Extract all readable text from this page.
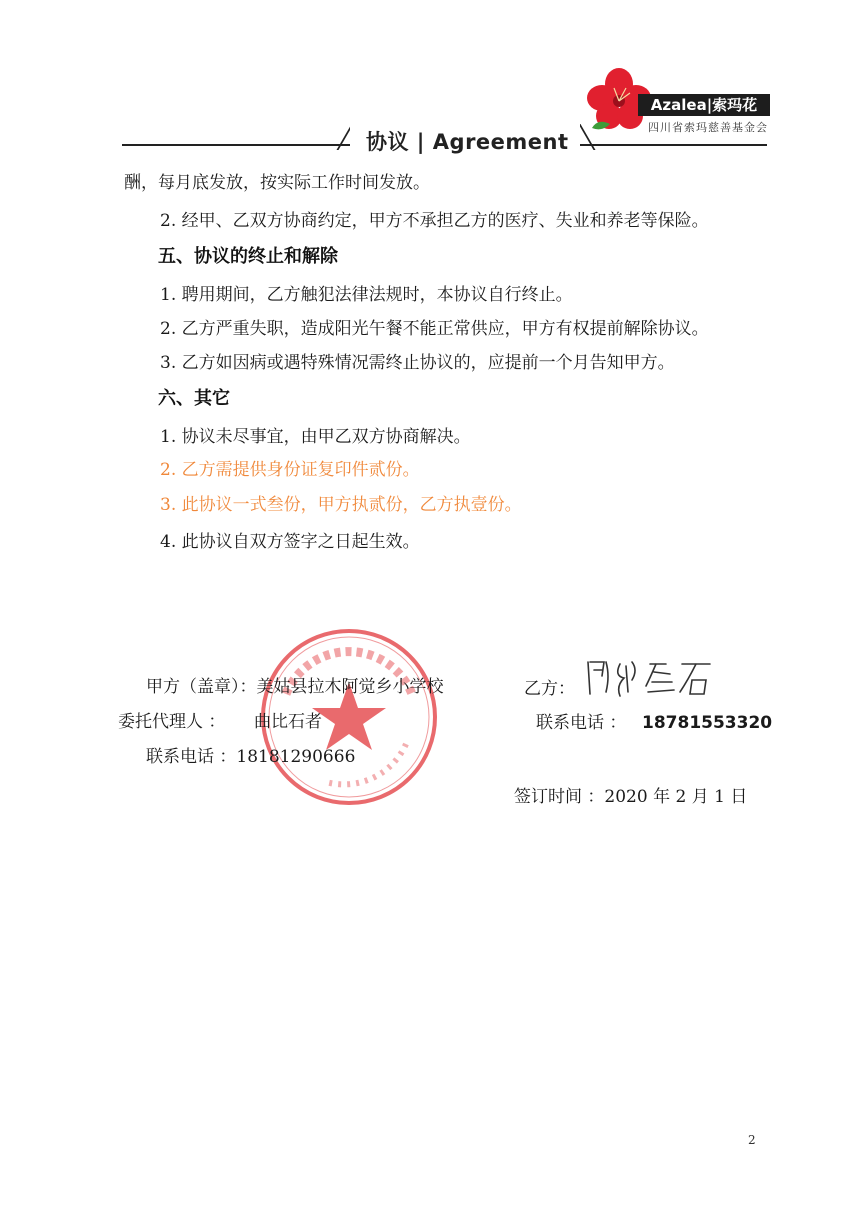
协议 | Agreement
Azalea|索玛花
四川省索玛慈善基金会
酬，每月底发放，按实际工作时间发放。
2. 经甲、乙双方协商约定，甲方不承担乙方的医疗、失业和养老等保险。
五、协议的终止和解除
1. 聘用期间，乙方触犯法律法规时，本协议自行终止。
2. 乙方严重失职，造成阳光午餐不能正常供应，甲方有权提前解除协议。
3. 乙方如因病或遇特殊情况需终止协议的，应提前一个月告知甲方。
六、其它
1. 协议未尽事宜，由甲乙双方协商解决。
2. 乙方需提供身份证复印件贰份。
3. 此协议一式叁份，甲方执贰份，乙方执壹份。
4. 此协议自双方签字之日起生效。
甲方（盖章）：美姑县拉木阿觉乡小学校
委托代理人 ： 曲比石者
联系电话 ：18181290666
乙方：
联系电话 ： 18781553320
签订时间 ：2020 年 2 月 1 日
2
